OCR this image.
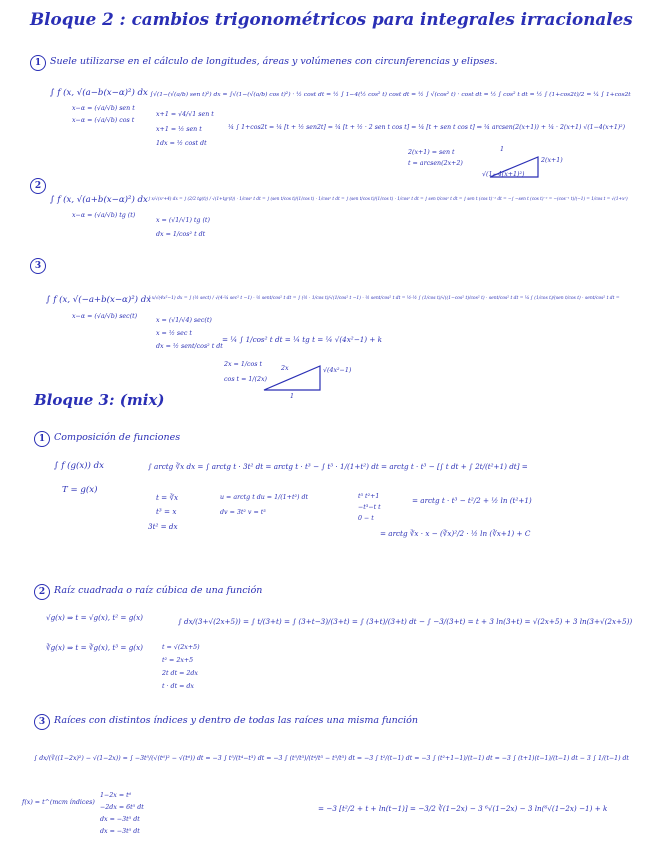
Bloque 2 : cambios trigonométricos para integrales irracionales
1 Suele utilizarse en el cálculo de longitudes, áreas y volúmenes con circunferencias y elipses.
∫ f (x, √(a−b(x−α)²) dx
x−α = (√a/√b) sen t
x−α = (√a/√b) cos t
∫√(1−(√(a/b) sen t)²) dx = ∫√(1−(√(a/b) cos t)²) · ½ cost dt = ½ ∫ 1−4(½ cos² t) cost dt = ½ ∫ √(cos² t) · cost dt = ½ ∫ cos² t dt = ½ ∫ (1+cos2t)/2 = ¼ ∫ 1+cos2t
x+1 = √4/√1 sen t
x+1 = ½ sen t
1dx = ½ cost dt
¼ ∫ 1+cos2t = ¼ [t + ½ sen2t] = ¼ [t + ½ · 2 sen t cos t] = ¼ [t + sen t cos t] ⇒ ¼ arcsen(2(x+1)) + ¼ · 2(x+1) √(1−4(x+1)²)
2(x+1) = sen t
t = arcsen(2x+2)
1
2(x+1)
√(1−4(x+1)²)
2
∫ f (x, √(a+b(x−α)²) dx
x−α = (√a/√b) tg (t)
∫ x/√(x²+4) dx = ∫ (2/2 tg(t)) / √(1+tg²(t)) · 1/cos² t dt = ∫ (sen t/cos t)/(1/cos t) · 1/cos² t dt = ∫ (sen t/cos t)/(1/cos t) · 1/cos² t dt = ∫ sen t/cos² t dt = ∫ sen t (cos t)⁻² dt = −∫ −sen t (cos t)⁻² = −(cos⁻¹ t)/(−1) = 1/cos t = √(1+x²)
x = (√1/√1) tg (t)
dx = 1/cos² t dt
3
∫ f (x, √(−a+b(x−α)²) dx
x−α = (√a/√b) sec(t)
∫ x/√(4x²−1) dx = ∫ (½ sect) / √(4·¼ sec² t −1) · ½ sent/cos² t dt = ∫ (½ · 1/cos t)/√(1/cos² t −1) · ½ sent/cos² t dt = ½·½ ∫ (1/cos t)/√((1−cos² t)/cos² t) · sent/cos² t dt = ¼ ∫ (1/cos t)/(sen t/cos t) · sent/cos² t dt =
x = (√1/√4) sec(t)
x = ½ sec t
dx = ½ sent/cos² t dt
= ¼ ∫ 1/cos² t dt = ¼ tg t = ¼ √(4x²−1) + k
2x = 1/cos t
cos t = 1/(2x)
2x	√(4x²−1)
1
Bloque 3: (mix)
1 Composición de funciones
∫ f (g(x)) dx
T = g(x)
∫ arctg ∛x dx = ∫ arctg t · 3t² dt = arctg t · t³ − ∫ t³ · 1/(1+t²) dt = arctg t · t³ − [∫ t dt + ∫ 2t/(t²+1) dt] =
t = ∛x
t³ = x
3t² = dx
u = arctg t du = 1/(1+t²) dt
dv = 3t² v = t³
t³ t²+1
−t³−t t
0 − t
= arctg t · t³ − t²/2 + ½ ln (t²+1)
= arctg ∛x · x − (∛x)²/2 · ½ ln (∛x+1) + C
2 Raíz cuadrada o raíz cúbica de una función
√g(x) ⇒ t = √g(x), t² = g(x)
∛g(x) ⇒ t = ∛g(x), t³ = g(x)
∫ dx/(3+√(2x+5)) = ∫ t/(3+t) = ∫ (3+t−3)/(3+t) = ∫ (3+t)/(3+t) dt − ∫ −3/(3+t) = t + 3 ln(3+t) = √(2x+5) + 3 ln(3+√(2x+5))
t = √(2x+5)
t² = 2x+5
2t dt = 2dx
t · dt = dx
3 Raíces con distintos índices y dentro de todas las raíces una misma función
∫ dx/(∛((1−2x)²) − √(1−2x)) = ∫ −3t⁵/(√(t⁶)² − √(t⁶)) dt = −3 ∫ t⁵/(t⁴−t³) dt = −3 ∫ (t⁵/t³)/(t⁴/t³ − t³/t³) dt = −3 ∫ t²/(t−1) dt = −3 ∫ (t²+1−1)/(t−1) dt = −3 ∫ (t+1)(t−1)/(t−1) dt − 3 ∫ 1/(t−1) dt
f(x) = t^(mcm índices)
1−2x = t⁶
−2dx = 6t⁵ dt
dx = −3t⁵ dt
dx = −3t⁵ dt
= −3 [t²/2 + t + ln(t−1)] = −3/2 ∛(1−2x) − 3 ⁶√(1−2x) − 3 ln(⁶√(1−2x) −1) + k
